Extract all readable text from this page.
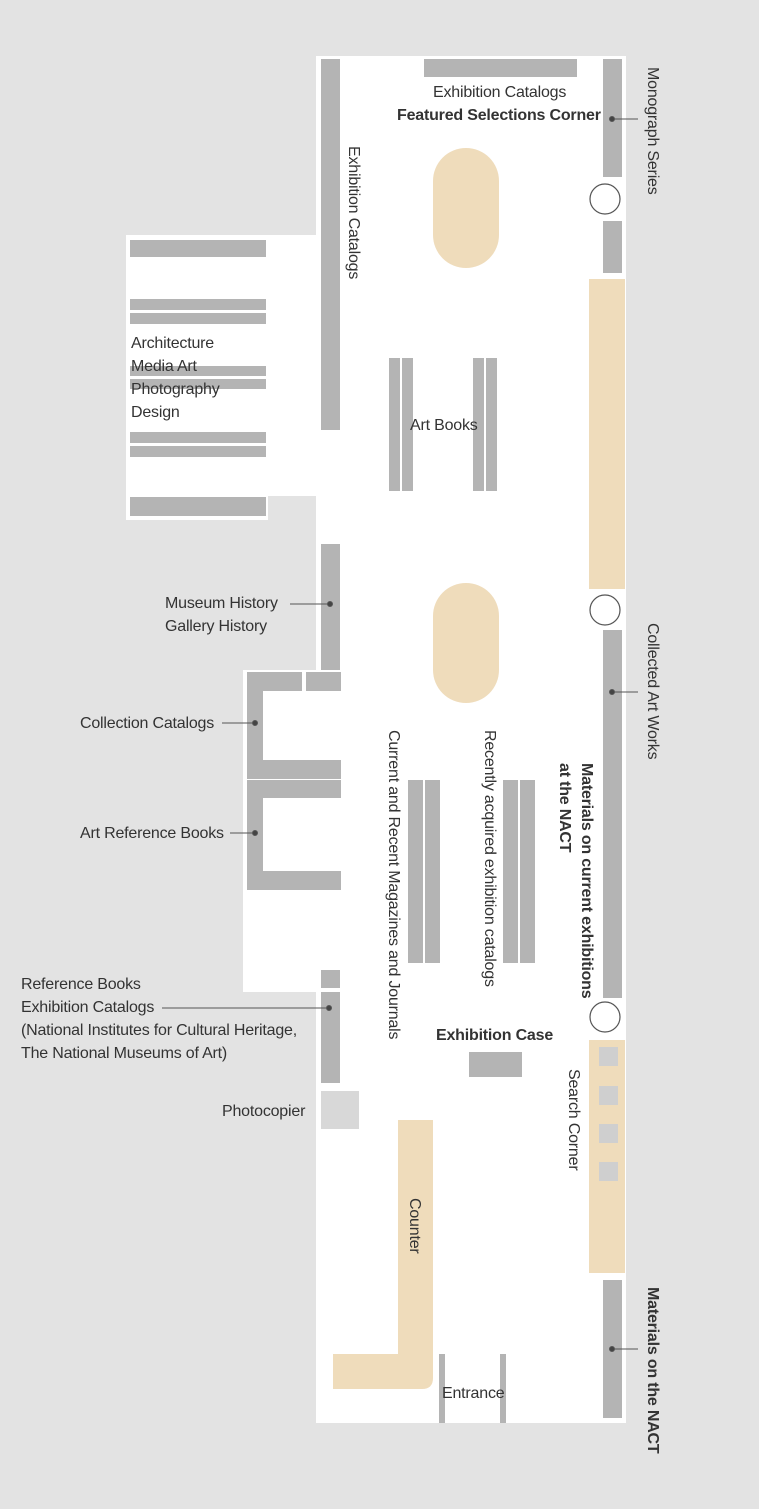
Exhibition Catalogs
Featured Selections Corner
Architecture
Media Art
Photography
Design
Art Books
Museum History
Gallery History
Collection Catalogs
Art Reference Books
Reference Books
Exhibition Catalogs
(National Institutes for Cultural Heritage,
The National Museums of Art)
Exhibition Case
Photocopier
Entrance
Monograph Series
Exhibition Catalogs
Collected Art Works
Current and Recent Magazines and Journals	Recently acquired exhibition catalogs	Materials on current exhibitions
at the NACT
Search Corner
Counter
Materials on the NACT
